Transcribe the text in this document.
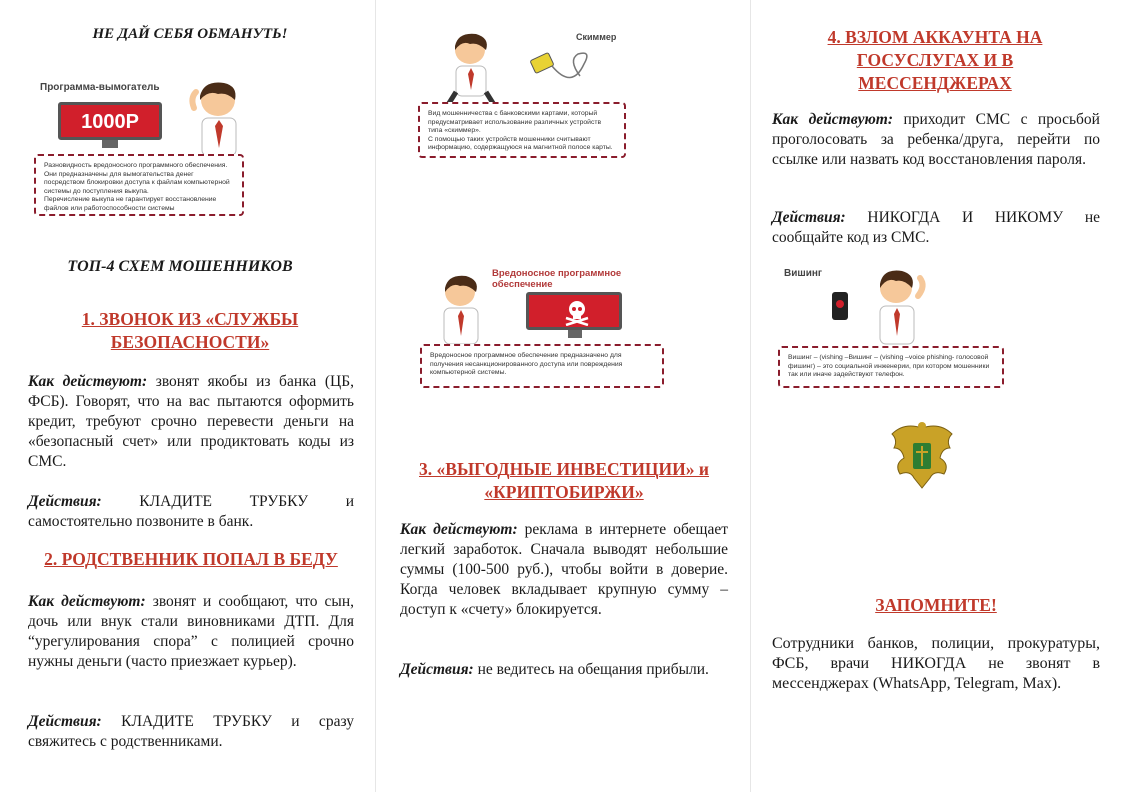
НЕ ДАЙ СЕБЯ ОБМАНУТЬ!
Программа-вымогатель
1000Р
Разновидность вредоносного программного обеспечения.
Они предназначены для вымогательства денег посредством блокировки доступа к файлам компьютерной системы до поступления выкупа.
Перечисление выкупа не гарантирует восстановление файлов или работоспособности системы
ТОП-4 СХЕМ МОШЕННИКОВ
1. ЗВОНОК ИЗ «СЛУЖБЫ БЕЗОПАСНОСТИ»
Как действуют: звонят якобы из банка (ЦБ, ФСБ). Говорят, что на вас пытаются оформить кредит, требуют срочно перевести деньги на «безопасный счет» или продиктовать коды из СМС.
Действия: КЛАДИТЕ ТРУБКУ и самостоятельно позвоните в банк.
2. РОДСТВЕННИК ПОПАЛ В БЕДУ
Как действуют: звонят и сообщают, что сын, дочь или внук стали виновниками ДТП. Для “урегулирования спора” с полицией срочно нужны деньги (часто приезжает курьер).
Действия: КЛАДИТЕ ТРУБКУ и сразу свяжитесь с родственниками.
Скиммер
Вид мошенничества с банковскими картами, который предусматривает использование различных устройств типа «скиммер».
С помощью таких устройств мошенники считывают информацию, содержащуюся на магнитной полосе карты.
Вредоносное программное обеспечение
Вредоносное программное обеспечение предназначено для получения несанкционированного доступа или повреждения компьютерной системы.
3. «ВЫГОДНЫЕ ИНВЕСТИЦИИ» и «КРИПТОБИРЖИ»
Как действуют: реклама в интернете обещает легкий заработок. Сначала выводят небольшие суммы (100-500 руб.), чтобы войти в доверие. Когда человек вкладывает крупную сумму – доступ к «счету» блокируется.
Действия: не ведитесь на обещания прибыли.
4. ВЗЛОМ АККАУНТА НА ГОСУСЛУГАХ И В МЕССЕНДЖЕРАХ
Как действуют: приходит СМС с просьбой проголосовать за ребенка/друга, перейти по ссылке или назвать код восстановления пароля.
Действия: НИКОГДА И НИКОМУ не сообщайте код из СМС.
Вишинг
Вишинг – (vishing –Вишинг – (vishing –voice phishing- голосовой фишинг) – это социальной инженерии, при котором мошенники так или иначе задействуют телефон.
ЗАПОМНИТЕ!
Сотрудники банков, полиции, прокуратуры, ФСБ, врачи НИКОГДА не звонят в мессенджерах (WhatsApp, Telegram, Max).
